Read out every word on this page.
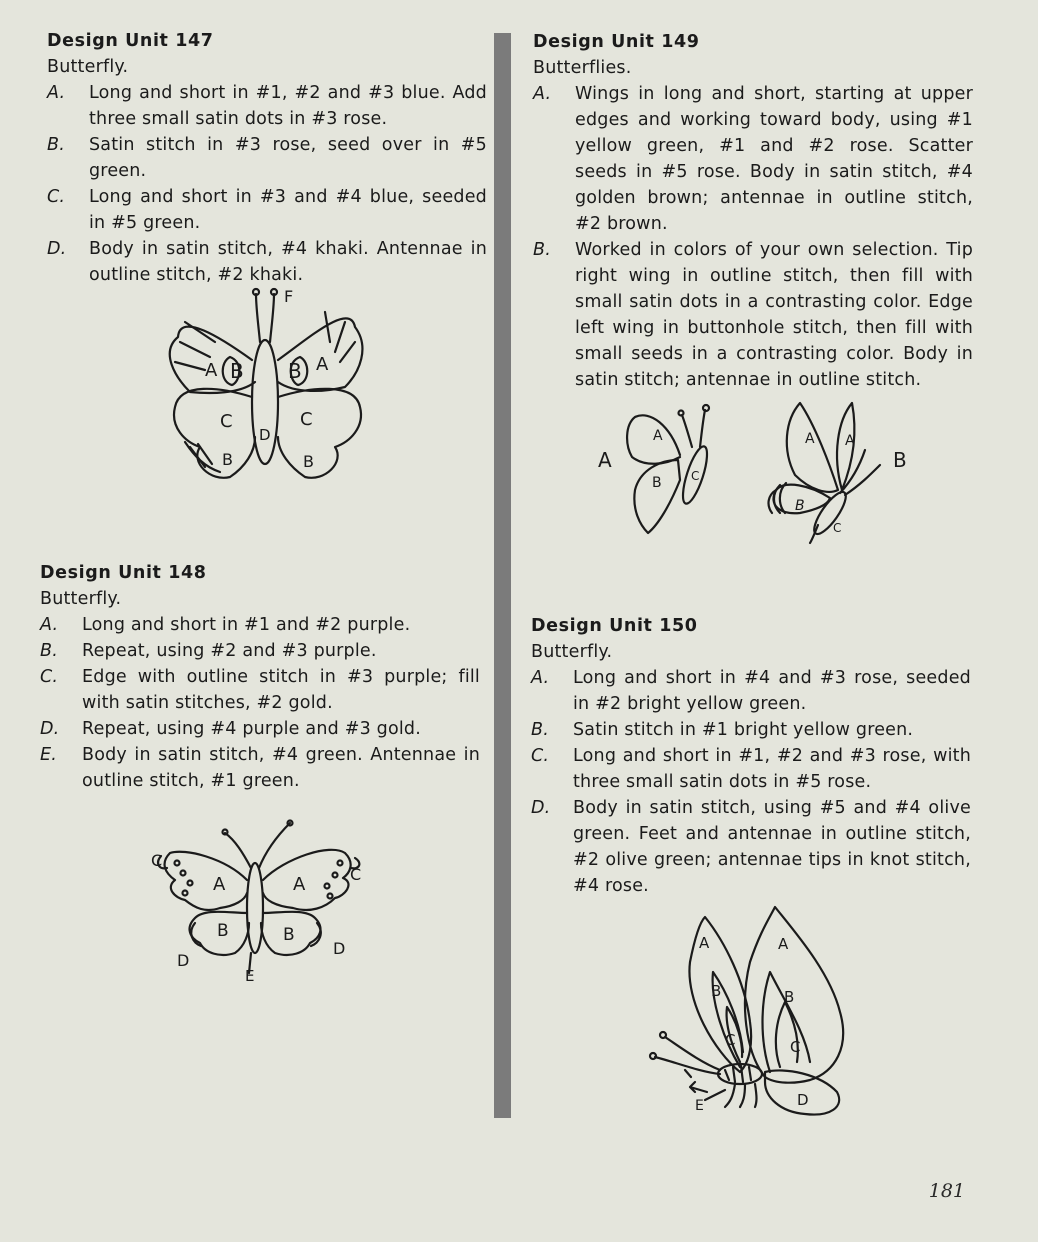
Design Unit 147
Butterfly.
A. Long and short in #1, #2 and #3 blue. Add three small satin dots in #3 rose.
B. Satin stitch in #3 rose, seed over in #5 green.
C. Long and short in #3 and #4 blue, seeded in #5 green.
D. Body in satin stitch, #4 khaki. Antennae in outline stitch, #2 khaki.
A B B A
C	C
D
B	B
F
Design Unit 148
Butterfly.
A. Long and short in #1 and #2 purple.
B. Repeat, using #2 and #3 purple.
C. Edge with outline stitch in #3 purple; fill with satin stitches, #2 gold.
D. Repeat, using #4 purple and #3 gold.
E. Body in satin stitch, #4 green. Antennae in outline stitch, #1 green.
A	A
B	B
C
C
D
D
E
Design Unit 149
Butterflies.
A. Wings in long and short, starting at upper edges and working toward body, using #1 yellow green, #1 and #2 rose. Scatter seeds in #5 rose. Body in satin stitch, #4 golden brown; antennae in outline stitch, #2 brown.
B. Worked in colors of your own selection. Tip right wing in outline stitch, then fill with small satin dots in a contrasting color. Edge left wing in buttonhole stitch, then fill with small seeds in a contrasting color. Body in satin stitch; antennae in outline stitch.
A
B C
A
A A
B
C
B
Design Unit 150
Butterfly.
A. Long and short in #4 and #3 rose, seeded in #2 bright yellow green.
B. Satin stitch in #1 bright yellow green.
C. Long and short in #1, #2 and #3 rose, with three small satin dots in #5 rose.
D. Body in satin stitch, using #5 and #4 olive green. Feet and antennae in outline stitch, #2 olive green; antennae tips in knot stitch, #4 rose.
A	A
B	B
C	C
D
E
181
